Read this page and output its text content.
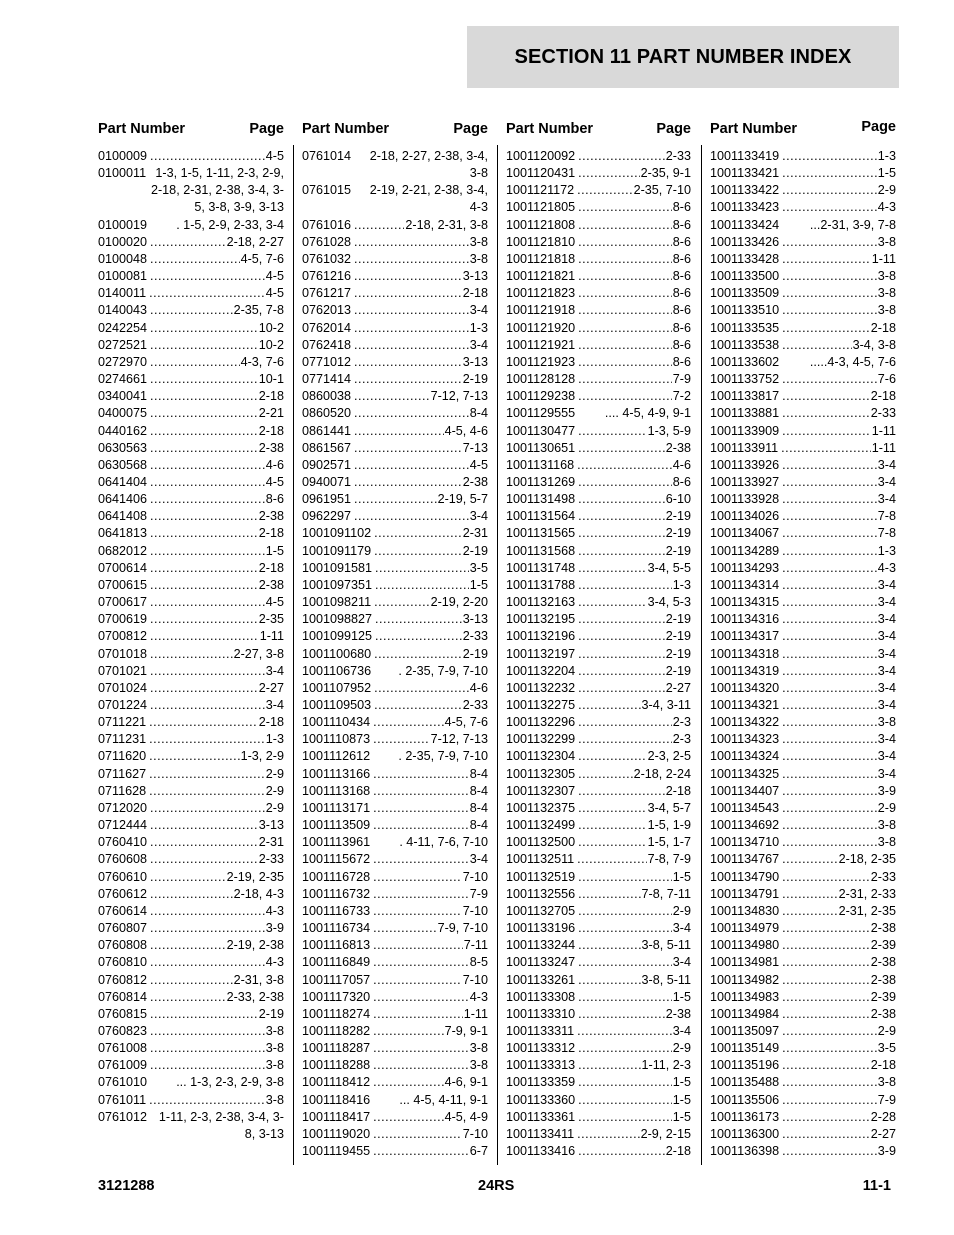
SECTION 11 PART NUMBER INDEX
Part Number	Page
0100009 .....	4-5
0100011 1-3, 1-5, 1-11, 2-3, 2-9, 2-18, 2-31, 2-38, 3-4, 3-5, 3-8, 3-9, 3-13
0100019	. 1-5, 2-9, 2-33, 3-4
0100020 .....	2-18, 2-27
0100048 .....	4-5, 7-6
0100081 .....	4-5
0140011 .....	4-5
0140043 .....	2-35, 7-8
0242254 .....	10-2
0272521 .....	10-2
0272970 .....	4-3, 7-6
0274661 .....	10-1
0340041 .....	2-18
0400075 .....	2-21
0440162 .....	2-18
0630563 .....	2-38
0630568 .....	4-6
0641404 .....	4-5
0641406 .....	8-6
0641408 .....	2-38
0641813 .....	2-18
0682012 .....	1-5
0700614 .....	2-18
0700615 .....	2-38
0700617 .....	4-5
0700619 .....	2-35
0700812 .....	1-11
0701018 .....	2-27, 3-8
0701021 .....	3-4
0701024 .....	2-27
0701224 .....	3-4
0711221 .....	2-18
0711231 .....	1-3
0711620 .....	1-3, 2-9
0711627 .....	2-9
0711628 .....	2-9
0712020 .....	2-9
0712444 .....	3-13
0760410 .....	2-31
0760608 .....	2-33
0760610 .....	2-19, 2-35
0760612 .....	2-18, 4-3
0760614 .....	4-3
0760807 .....	3-9
0760808 .....	2-19, 2-38
0760810 .....	4-3
0760812 .....	2-31, 3-8
0760814 .....	2-33, 2-38
0760815 .....	2-19
0760823 .....	3-8
0761008 .....	3-8
0761009 .....	3-8
0761010	... 1-3, 2-3, 2-9, 3-8
0761011 .....	3-8
0761012 1-11, 2-3, 2-38, 3-4, 3-8, 3-13
Part Number	Page
0761014	2-18, 2-27, 2-38, 3-4, 3-8
0761015	2-19, 2-21, 2-38, 3-4, 4-3
0761016 .....	2-18, 2-31, 3-8
0761028 .....	3-8
0761032 .....	3-8
0761216 .....	3-13
0761217 .....	2-18
0762013 .....	3-4
0762014 .....	1-3
0762418 .....	3-4
0771012 .....	3-13
0771414 .....	2-19
0860038 .....	7-12, 7-13
0860520 .....	8-4
0861441 .....	4-5, 4-6
0861567 .....	7-13
0902571 .....	4-5
0940071 .....	2-38
0961951 .....	2-19, 5-7
0962297 .....	3-4
1001091102 .....	2-31
1001091179 .....	2-19
1001091581 .....	3-5
1001097351 .....	1-5
1001098211 .....	2-19, 2-20
1001098827 .....	3-13
1001099125 .....	2-33
1001100680 .....	2-19
1001106736	. 2-35, 7-9, 7-10
1001107952 .....	4-6
1001109503 .....	2-33
1001110434 .....	4-5, 7-6
1001110873 .....	7-12, 7-13
1001112612	. 2-35, 7-9, 7-10
1001113166 .....	8-4
1001113168 .....	8-4
1001113171 .....	8-4
1001113509 .....	8-4
1001113961	. 4-11, 7-6, 7-10
1001115672 .....	3-4
1001116728 .....	7-10
1001116732 .....	7-9
1001116733 .....	7-10
1001116734 .....	7-9, 7-10
1001116813 .....	7-11
1001116849 .....	8-5
1001117057 .....	7-10
1001117320 .....	4-3
1001118274 .....	1-11
1001118282 .....	7-9, 9-1
1001118287 .....	3-8
1001118288 .....	3-8
1001118412 .....	4-6, 9-1
1001118416	... 4-5, 4-11, 9-1
1001118417 .....	4-5, 4-9
1001119020 .....	7-10
1001119455 .....	6-7
Part Number	Page
1001120092 .....	2-33
1001120431 .....	2-35, 9-1
1001121172 .....	2-35, 7-10
1001121805 .....	8-6
1001121808 .....	8-6
1001121810 .....	8-6
1001121818 .....	8-6
1001121821 .....	8-6
1001121823 .....	8-6
1001121918 .....	8-6
1001121920 .....	8-6
1001121921 .....	8-6
1001121923 .....	8-6
1001128128 .....	7-9
1001129238 .....	7-2
1001129555	.... 4-5, 4-9, 9-1
1001130477 .....	1-3, 5-9
1001130651 .....	2-38
1001131168 .....	4-6
1001131269 .....	8-6
1001131498 .....	6-10
1001131564 .....	2-19
1001131565 .....	2-19
1001131568 .....	2-19
1001131748 .....	3-4, 5-5
1001131788 .....	1-3
1001132163 .....	3-4, 5-3
1001132195 .....	2-19
1001132196 .....	2-19
1001132197 .....	2-19
1001132204 .....	2-19
1001132232 .....	2-27
1001132275 .....	3-4, 3-11
1001132296 .....	2-3
1001132299 .....	2-3
1001132304 .....	2-3, 2-5
1001132305 .....	2-18, 2-24
1001132307 .....	2-18
1001132375 .....	3-4, 5-7
1001132499 .....	1-5, 1-9
1001132500 .....	1-5, 1-7
1001132511 .....	7-8, 7-9
1001132519 .....	1-5
1001132556 .....	7-8, 7-11
1001132705 .....	2-9
1001133196 .....	3-4
1001133244 .....	3-8, 5-11
1001133247 .....	3-4
1001133261 .....	3-8, 5-11
1001133308 .....	1-5
1001133310 .....	2-38
1001133311 .....	3-4
1001133312 .....	2-9
1001133313 .....	1-11, 2-3
1001133359 .....	1-5
1001133360 .....	1-5
1001133361 .....	1-5
1001133411 .....	2-9, 2-15
1001133416 .....	2-18
Part Number	Page
1001133419 .....	1-3
1001133421 .....	1-5
1001133422 .....	2-9
1001133423 .....	4-3
1001133424	...2-31, 3-9, 7-8
1001133426 .....	3-8
1001133428 .....	1-11
1001133500 .....	3-8
1001133509 .....	3-8
1001133510 .....	3-8
1001133535 .....	2-18
1001133538 .....	3-4, 3-8
1001133602	.....4-3, 4-5, 7-6
1001133752 .....	7-6
1001133817 .....	2-18
1001133881 .....	2-33
1001133909 .....	1-11
1001133911 .....	1-11
1001133926 .....	3-4
1001133927 .....	3-4
1001133928 .....	3-4
1001134026 .....	7-8
1001134067 .....	7-8
1001134289 .....	1-3
1001134293 .....	4-3
1001134314 .....	3-4
1001134315 .....	3-4
1001134316 .....	3-4
1001134317 .....	3-4
1001134318 .....	3-4
1001134319 .....	3-4
1001134320 .....	3-4
1001134321 .....	3-4
1001134322 .....	3-8
1001134323 .....	3-4
1001134324 .....	3-4
1001134325 .....	3-4
1001134407 .....	3-9
1001134543 .....	2-9
1001134692 .....	3-8
1001134710 .....	3-8
1001134767 .....	2-18, 2-35
1001134790 .....	2-33
1001134791 .....	2-31, 2-33
1001134830 .....	2-31, 2-35
1001134979 .....	2-38
1001134980 .....	2-39
1001134981 .....	2-38
1001134982 .....	2-38
1001134983 .....	2-39
1001134984 .....	2-38
1001135097 .....	2-9
1001135149 .....	3-5
1001135196 .....	2-18
1001135488 .....	3-8
1001135506 .....	7-9
1001136173 .....	2-28
1001136300 .....	2-27
1001136398 .....	3-9
3121288	24RS	11-1
